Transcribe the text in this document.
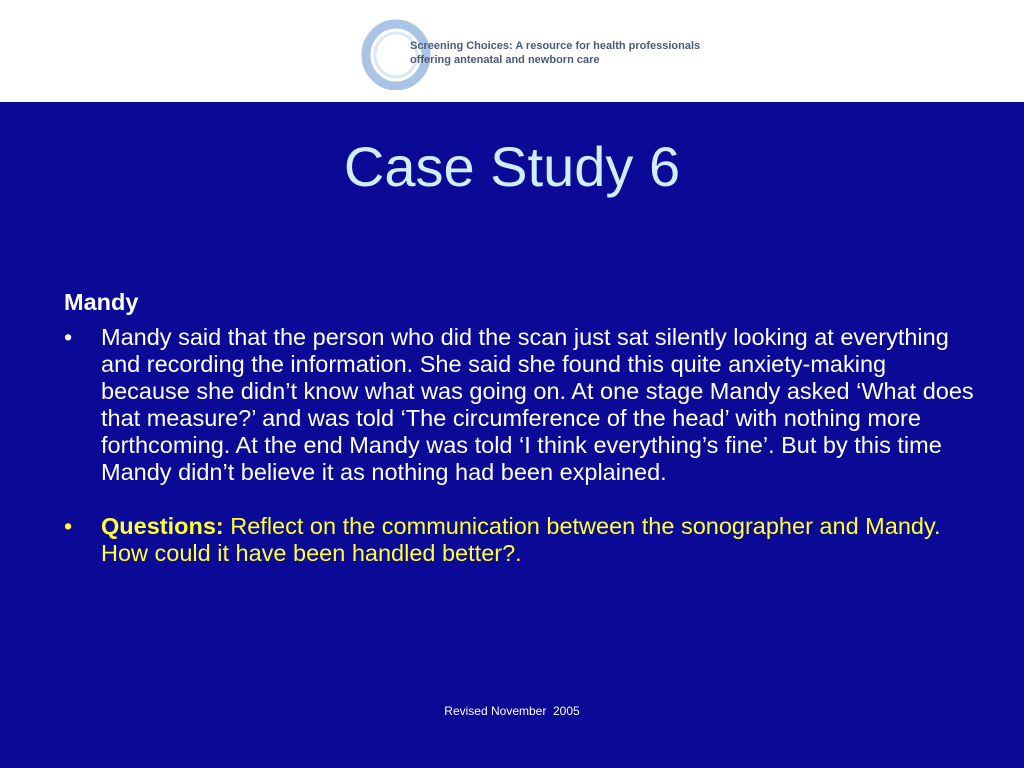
Screening Choices: A resource for health professionals
offering antenatal and newborn care
Case Study 6
Mandy
• Mandy said that the person who did the scan just sat silently looking at everything and recording the information. She said she found this quite anxiety-making because she didn’t know what was going on. At one stage Mandy asked ‘What does that measure?’ and was told ‘The circumference of the head’ with nothing more forthcoming. At the end Mandy was told ‘I think everything’s fine’. But by this time Mandy didn’t believe it as nothing had been explained.
• Questions: Reflect on the communication between the sonographer and Mandy. How could it have been handled better?.
Revised November  2005
